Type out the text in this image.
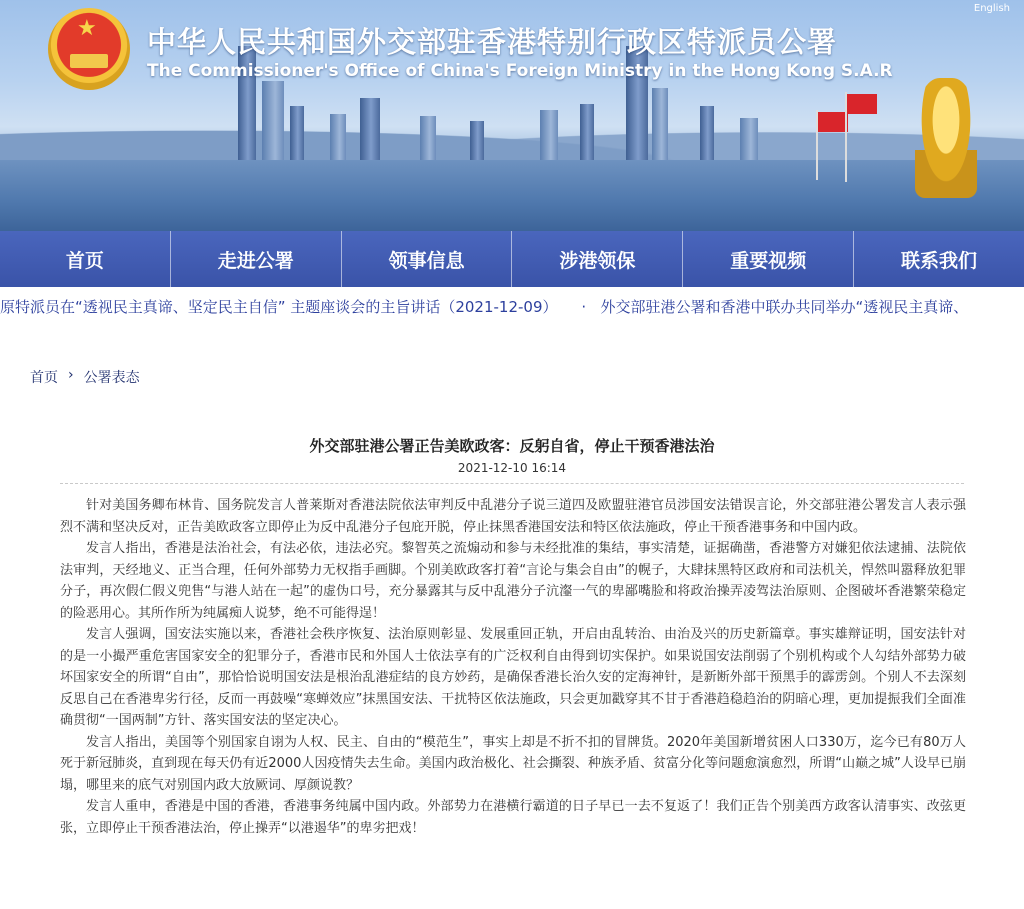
★ 中华人民共和国外交部驻香港特别行政区特派员公署
The Commissioner's Office of China's Foreign Ministry in the Hong Kong S.A.R
English
首页	走进公署	领事信息	涉港领保	重要视频	联系我们
原特派员在“透视民主真谛、坚定民主自信” 主题座谈会的主旨讲话（2021-12-09） · 外交部驻港公署和香港中联办共同举办“透视民主真谛、
首页 › 公署表态
外交部驻港公署正告美欧政客：反躬自省，停止干预香港法治
2021-12-10 16:14

针对美国务卿布林肯、国务院发言人普莱斯对香港法院依法审判反中乱港分子说三道四及欧盟驻港官员涉国安法错误言论，外交部驻港公署发言人表示强烈不满和坚决反对，正告美欧政客立即停止为反中乱港分子包庇开脱，停止抹黑香港国安法和特区依法施政，停止干预香港事务和中国内政。

发言人指出，香港是法治社会，有法必依，违法必究。黎智英之流煽动和参与未经批准的集结，事实清楚，证据确凿，香港警方对嫌犯依法逮捕、法院依法审判，天经地义、正当合理，任何外部势力无权指手画脚。个别美欧政客打着“言论与集会自由”的幌子，大肆抹黑特区政府和司法机关，悍然叫嚣释放犯罪分子，再次假仁假义兜售“与港人站在一起”的虚伪口号，充分暴露其与反中乱港分子沆瀣一气的卑鄙嘴脸和将政治操弄凌驾法治原则、企图破坏香港繁荣稳定的险恶用心。其所作所为纯属痴人说梦，绝不可能得逞！

发言人强调，国安法实施以来，香港社会秩序恢复、法治原则彰显、发展重回正轨，开启由乱转治、由治及兴的历史新篇章。事实雄辩证明，国安法针对的是一小撮严重危害国家安全的犯罪分子，香港市民和外国人士依法享有的广泛权利自由得到切实保护。如果说国安法削弱了个别机构或个人勾结外部势力破坏国家安全的所谓“自由”，那恰恰说明国安法是根治乱港症结的良方妙药，是确保香港长治久安的定海神针，是新断外部干预黑手的霹雳剑。个别人不去深刻反思自己在香港卑劣行径，反而一再鼓噪“寒蝉效应”抹黑国安法、干扰特区依法施政，只会更加戳穿其不甘于香港趋稳趋治的阴暗心理，更加提振我们全面准确贯彻“一国两制”方针、落实国安法的坚定决心。

发言人指出，美国等个别国家自诩为人权、民主、自由的“模范生”，事实上却是不折不扣的冒牌货。2020年美国新增贫困人口330万，迄今已有80万人死于新冠肺炎，直到现在每天仍有近2000人因疫情失去生命。美国内政治极化、社会撕裂、种族矛盾、贫富分化等问题愈演愈烈，所谓“山巅之城”人设早已崩塌，哪里来的底气对别国内政大放厥词、厚颜说教？

发言人重申，香港是中国的香港，香港事务纯属中国内政。外部势力在港横行霸道的日子早已一去不复返了！我们正告个别美西方政客认清事实、改弦更张，立即停止干预香港法治，停止操弄“以港遏华”的卑劣把戏！
